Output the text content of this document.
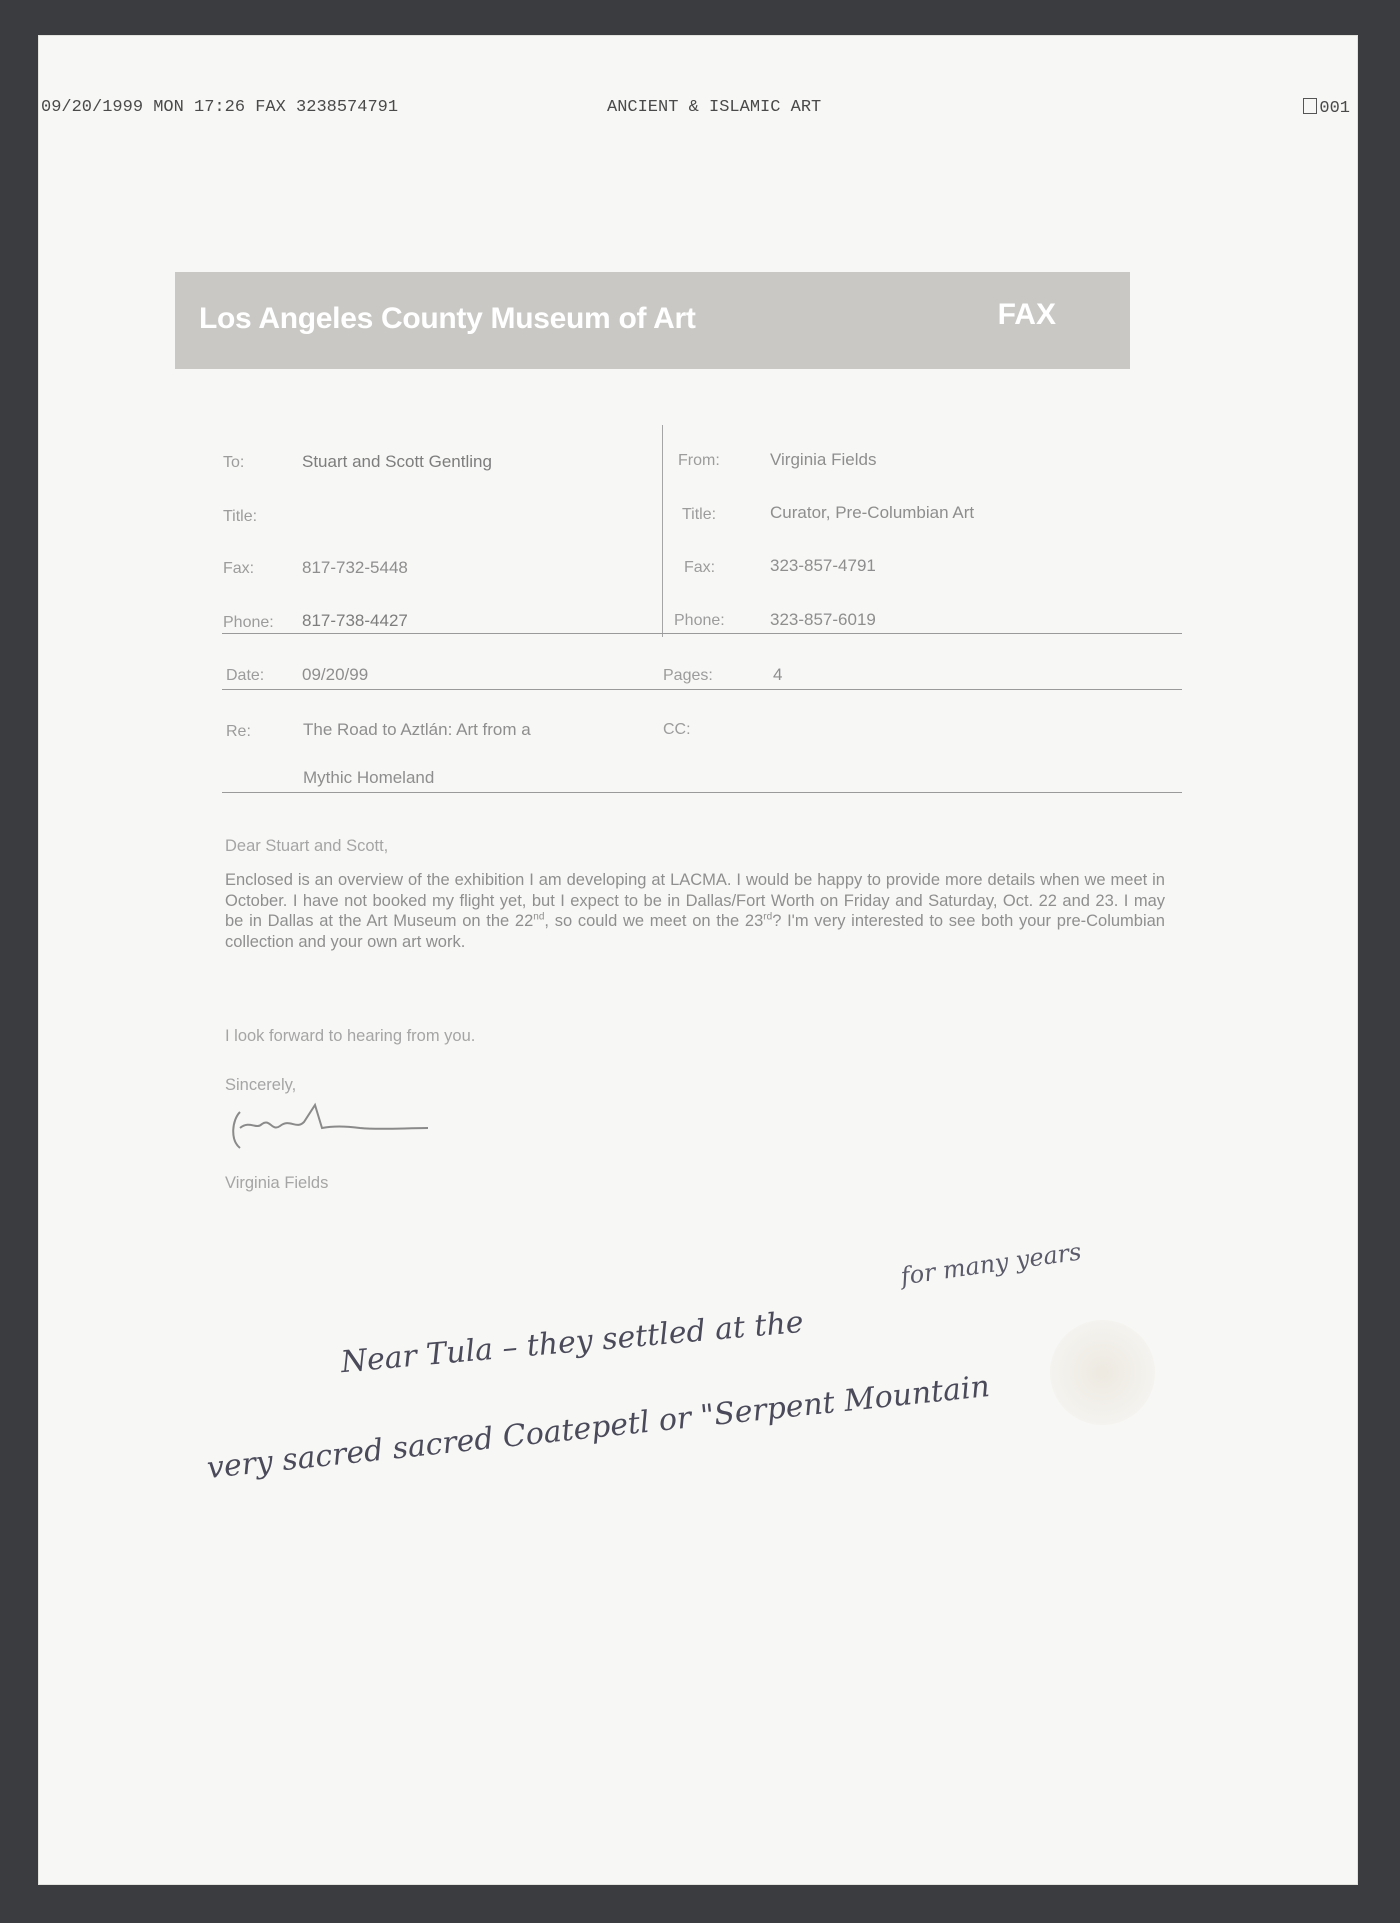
09/20/1999 MON 17:26 FAX 3238574791	ANCIENT & ISLAMIC ART	001
Los Angeles County Museum of Art	FAX
To:	Stuart and Scott Gentling
Title:
Fax:	817-732-5448
Phone: 817-738-4427
From:	Virginia Fields
Title:	Curator, Pre-Columbian Art
Fax:	323-857-4791
Phone:	323-857-6019
Date: 09/20/99	Pages:	4
Re:	The Road to Aztlán: Art from a
Mythic Homeland
CC:
Dear Stuart and Scott,
Enclosed is an overview of the exhibition I am developing at LACMA. I would be happy to provide more details when we meet in October. I have not booked my flight yet, but I expect to be in Dallas/Fort Worth on Friday and Saturday, Oct. 22 and 23. I may be in Dallas at the Art Museum on the 22nd, so could we meet on the 23rd? I'm very interested to see both your pre-Columbian collection and your own art work.
I look forward to hearing from you.
Sincerely,
Virginia Fields
for many years
Near Tula – they settled at the
very sacred sacred Coatepetl or "Serpent Mountain
